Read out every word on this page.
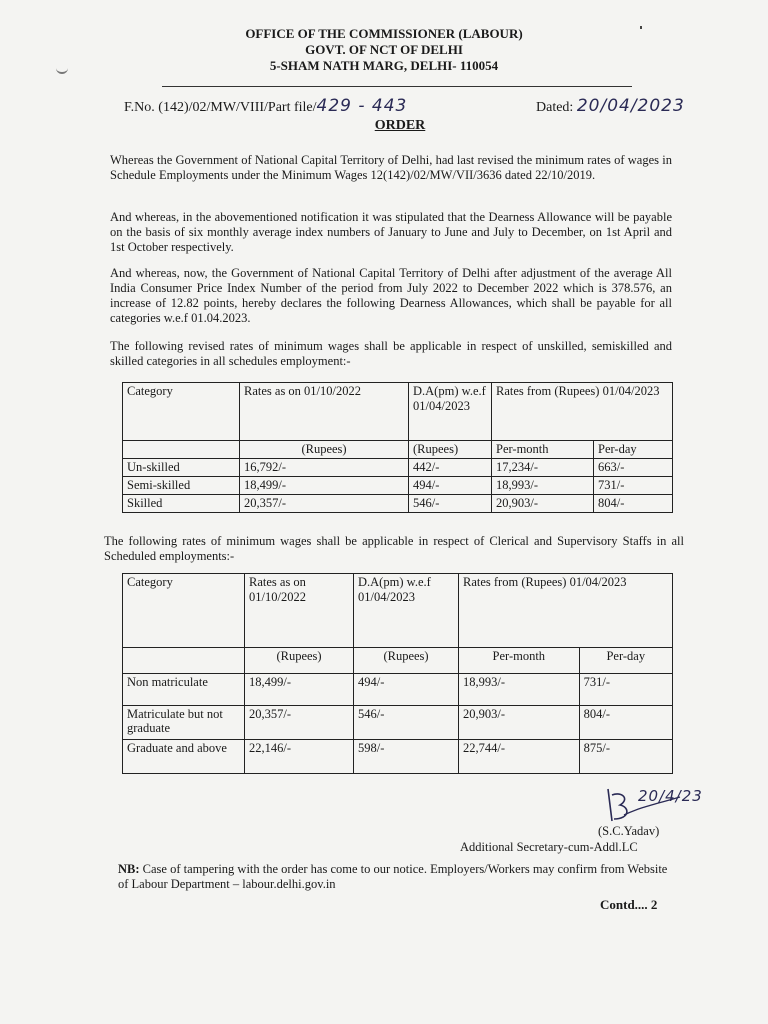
OFFICE OF THE COMMISSIONER (LABOUR)
GOVT. OF NCT OF DELHI
5-SHAM NATH MARG, DELHI- 110054
F.No. (142)/02/MW/VIII/Part file/429 - 443	Dated: 20/04/2023
ORDER
Whereas the Government of National Capital Territory of Delhi, had last revised the minimum rates of wages in Schedule Employments under the Minimum Wages 12(142)/02/MW/VII/3636 dated 22/10/2019.
And whereas, in the abovementioned notification it was stipulated that the Dearness Allowance will be payable on the basis of six monthly average index numbers of January to June and July to December, on 1st April and 1st October respectively.
And whereas, now, the Government of National Capital Territory of Delhi after adjustment of the average All India Consumer Price Index Number of the period from July 2022 to December 2022 which is 378.576, an increase of 12.82 points, hereby declares the following Dearness Allowances, which shall be payable for all categories w.e.f 01.04.2023.
The following revised rates of minimum wages shall be applicable in respect of unskilled, semiskilled and skilled categories in all schedules employment:-
Category	Rates as on 01/10/2022	D.A(pm) w.e.f 01/04/2023	Rates from (Rupees) 01/04/2023	
	(Rupees)	(Rupees)	Per-month	Per-day
Un-skilled	16,792/-	442/-	17,234/-	663/-
Semi-skilled	18,499/-	494/-	18,993/-	731/-
Skilled	20,357/-	546/-	20,903/-	804/-
The following rates of minimum wages shall be applicable in respect of Clerical and Supervisory Staffs in all Scheduled employments:-
Category	Rates as on 01/10/2022	D.A(pm) w.e.f 01/04/2023	Rates from (Rupees) 01/04/2023	
	(Rupees)	(Rupees)	Per-month	Per-day
Non matriculate	18,499/-	494/-	18,993/-	731/-
Matriculate but not graduate	20,357/-	546/-	20,903/-	804/-
Graduate and above	22,146/-	598/-	22,744/-	875/-
20/4/23
(S.C.Yadav)
Additional Secretary-cum-Addl.LC
NB: Case of tampering with the order has come to our notice. Employers/Workers may confirm from Website of Labour Department – labour.delhi.gov.in
Contd.... 2
